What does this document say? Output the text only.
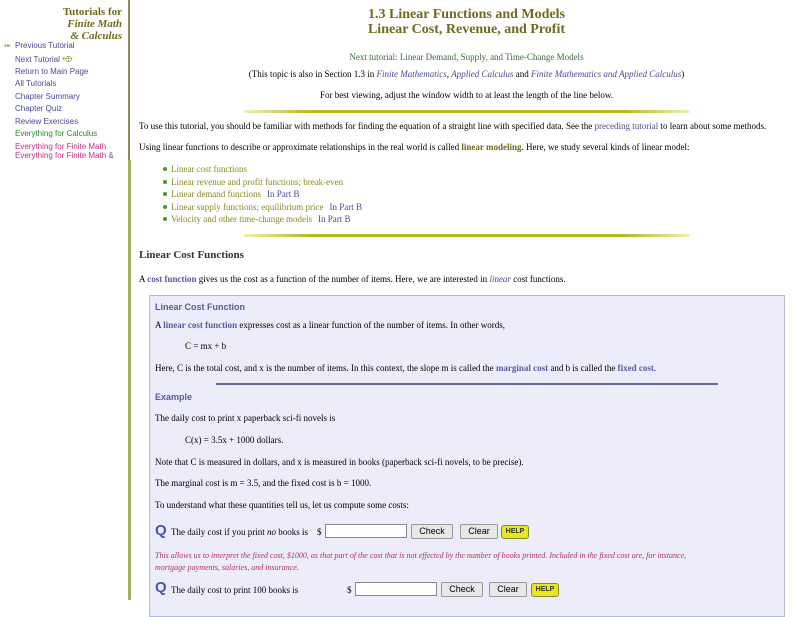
Tutorials for
Finite Math
& Calculus
⬰ Previous Tutorial
Next Tutorial ⬲
Return to Main Page
All Tutorials
Chapter Summary
Chapter Quiz
Review Exercises
Everything for Calculus
Everything for Finite Math
Everything for Finite Math &
1.3 Linear Functions and Models
Linear Cost, Revenue, and Profit
Next tutorial: Linear Demand, Supply, and Time-Change Models
(This topic is also in Section 1.3 in Finite Mathematics, Applied Calculus and Finite Mathematics and Applied Calculus)
For best viewing, adjust the window width to at least the length of the line below.
To use this tutorial, you should be familiar with methods for finding the equation of a straight line with specified data. See the preceding tutorial to learn about some methods.
Using linear functions to describe or approximate relationships in the real world is called linear modeling. Here, we study several kinds of linear model:
Linear cost functions
Linear revenue and profit functions; break-even
Linear demand functions In Part B
Linear supply functions; equilibrium price In Part B
Velocity and other time-change models In Part B
Linear Cost Functions
A cost function gives us the cost as a function of the number of items. Here, we are interested in linear cost functions.
Linear Cost Function
A linear cost function expresses cost as a linear function of the number of items. In other words,
C = mx + b
Here, C is the total cost, and x is the number of items. In this context, the slope m is called the marginal cost and b is called the fixed cost.
Example
The daily cost to print x paperback sci-fi novels is
C(x) = 3.5x + 1000 dollars.
Note that C is measured in dollars, and x is measured in books (paperback sci-fi novels, to be precise).
The marginal cost is m = 3.5, and the fixed cost is b = 1000.
To understand what these quantities tell us, let us compute some costs:
Q The daily cost if you print no books is $	Check	Clear	HELP
This allows us to interpret the fixed cost, $1000, as that part of the cost that is not effected by the number of books printed. Included in the fixed cost are, for instance,
mortgage payments, salaries, and insurance.
Q The daily cost to print 100 books is	$	Check	Clear	HELP
